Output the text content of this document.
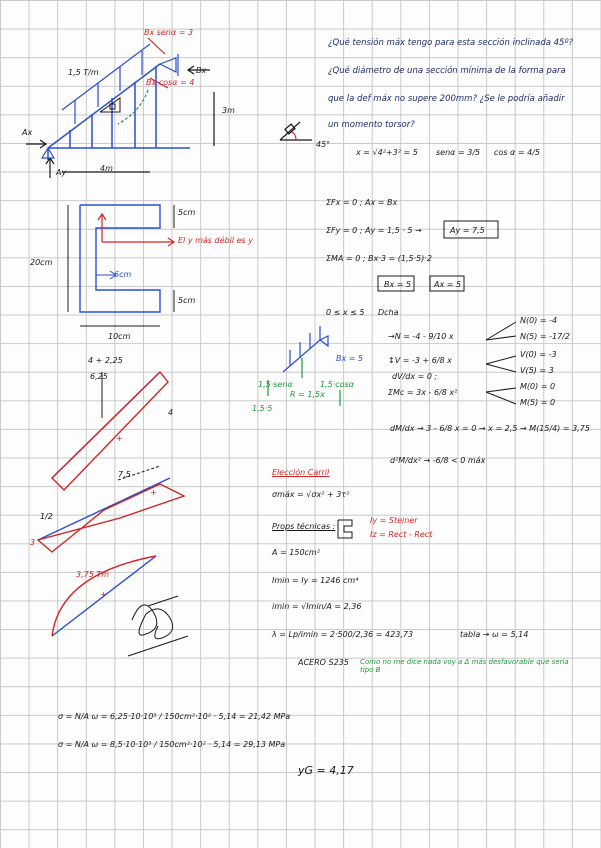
Bx senα = 3
Bx cosα = 4
1,5 T/m	Bx
Ax
Ay
3m
4m
5cm
5cm
10cm
20cm
6cm
El y más débil es y
4 + 2,25
6,25
4
+
7,5
1/2
3
+
3,75 Tm
+
¿Qué tensión máx tengo para esta sección inclinada 45º?
¿Qué diámetro de una sección mínima de la forma para
que la def máx no supere 200mm? ¿Se le podría añadir
un momento torsor?
45°
x = √4²+3² = 5 senα = 3/5 cos α = 4/5
ΣFx = 0 ; Ax = Bx
ΣFy = 0 ; Ay = 1,5 · 5 →	Ay = 7,5
ΣMA = 0 ; Bx·3 = (1,5·5)·2
Bx = 5	Ax = 5
0 ≤ x ≤ 5 Dcha
→N = -4 - 9/10 x
↕V = -3 + 6/8 x
dV/dx = 0 ;
ΣMc = 3x - 6/8 x²
N(0) = -4
N(5) = -17/2
V(0) = -3
V(5) = 3
M(0) = 0
M(5) = 0
dM/dx → 3 - 6/8 x = 0 → x = 2,5 → M(15/4) = 3,75
d²M/dx² → -6/8 < 0 máx
Bx = 5
1,5·senα
R = 1,5x
1,5·cosα
1,5·5
Elección Carril
σmáx = √σx² + 3τ²
Props técnicas :
Iy = Steiner
Iz = Rect - Rect
A = 150cm²
Imin = Iy = 1246 cm⁴
imin = √Imin/A = 2,36
λ = Lp/imin = 2·500/2,36 = 423,73	tabla → ω = 5,14
ACERO S235 Como no me dice nada voy a Δ más desfavorable que sería tipo B
σ = N/A ω = 6,25·10·10³ / 150cm²·10² · 5,14 = 21,42 MPa
σ = N/A ω = 8,5·10·10³ / 150cm²·10² · 5,14 = 29,13 MPa
yG = 4,17
